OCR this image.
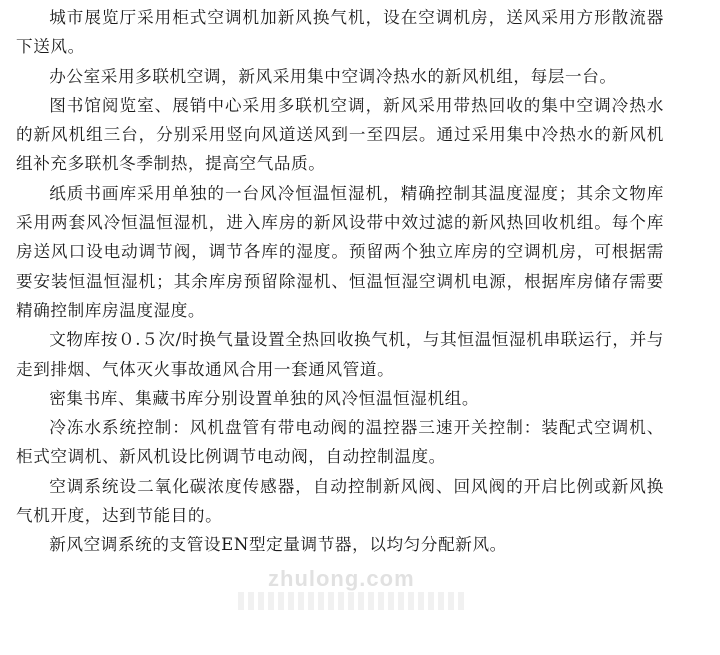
城市展览厅采用柜式空调机加新风换气机，设在空调机房，送风采用方形散流器下送风。

办公室采用多联机空调，新风采用集中空调冷热水的新风机组，每层一台。

图书馆阅览室、展销中心采用多联机空调，新风采用带热回收的集中空调冷热水的新风机组三台，分别采用竖向风道送风到一至四层。通过采用集中冷热水的新风机组补充多联机冬季制热，提高空气品质。

纸质书画库采用单独的一台风冷恒温恒湿机，精确控制其温度湿度；其余文物库采用两套风冷恒温恒湿机，进入库房的新风设带中效过滤的新风热回收机组。每个库房送风口设电动调节阀，调节各库的湿度。预留两个独立库房的空调机房，可根据需要安装恒温恒湿机；其余库房预留除湿机、恒温恒湿空调机电源，根据库房储存需要精确控制库房温度湿度。

文物库按０.５次/时换气量设置全热回收换气机，与其恒温恒湿机串联运行，并与走到排烟、气体灭火事故通风合用一套通风管道。

密集书库、集藏书库分别设置单独的风冷恒温恒湿机组。

冷冻水系统控制：风机盘管有带电动阀的温控器三速开关控制：装配式空调机、柜式空调机、新风机设比例调节电动阀，自动控制温度。

空调系统设二氧化碳浓度传感器，自动控制新风阀、回风阀的开启比例或新风换气机开度，达到节能目的。

新风空调系统的支管设EN型定量调节器，以均匀分配新风。

zhulong.com
